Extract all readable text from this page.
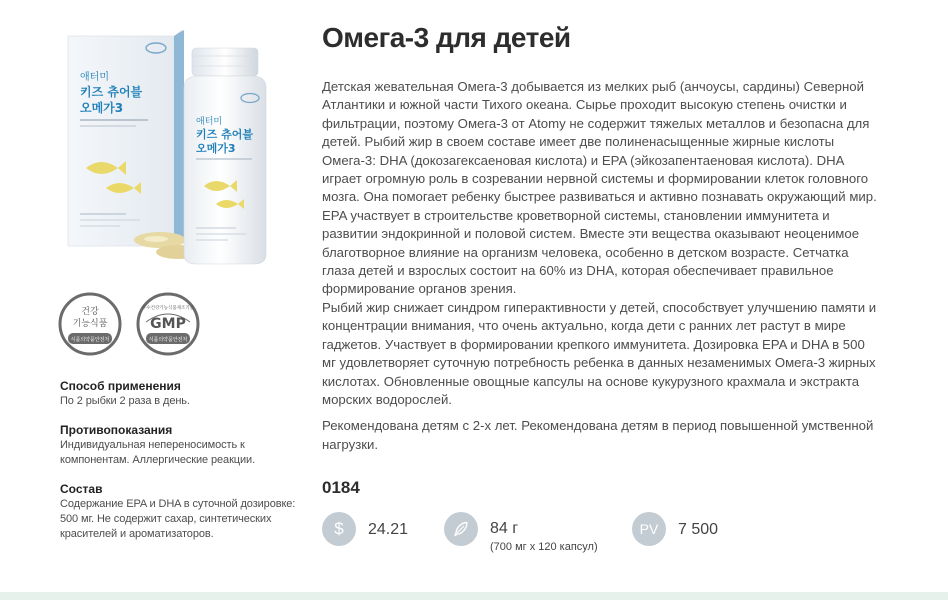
애터미
키즈 츄어블
오메가3
애터미
키즈 츄어블
오메가3
건강
기능식품
식품의약품안전처
우수건강기능식품제조기준
GMP
식품의약품안전처
Способ применения
По 2 рыбки 2 раза в день.
Противопоказания
Индивидуальная непереносимость к компонентам. Аллергические реакции.
Состав
Содержание EPA и DHA в суточной дозировке: 500 мг. Не содержит сахар, синтетических красителей и ароматизаторов.
Омега-3 для детей

Детская жевательная Омега-3 добывается из мелких рыб (анчоусы, сардины) Северной Атлантики и южной части Тихого океана. Сырье проходит высокую степень очистки и фильтрации, поэтому Омега-3 от Atomy не содержит тяжелых металлов и безопасна для детей. Рыбий жир в своем составе имеет две полиненасыщенные жирные кислоты Омега-3: DHA (докозагексаеновая кислота) и EPA (эйкозапентаеновая кислота). DHA играет огромную роль в созревании нервной системы и формировании клеток головного мозга. Она помогает ребенку быстрее развиваться и активно познавать окружающий мир. EPA участвует в строительстве кроветворной системы, становлении иммунитета и развитии эндокринной и половой систем. Вместе эти вещества оказывают неоценимое благотворное влияние на организм человека, особенно в детском возрасте. Сетчатка глаза детей и взрослых состоит на 60% из DHA, которая обеспечивает правильное формирование органов зрения.

Рыбий жир снижает синдром гиперактивности у детей, способствует улучшению памяти и концентрации внимания, что очень актуально, когда дети с ранних лет растут в мире гаджетов. Участвует в формировании крепкого иммунитета. Дозировка EPA и DHA в 500 мг удовлетворяет суточную потребность ребенка в данных незаменимых Омега-3 жирных кислотах. Обновленные овощные капсулы на основе кукурузного крахмала и экстракта морских водорослей.

Рекомендована детям с 2-х лет. Рекомендована детям в период повышенной умственной нагрузки.

0184
$	24.21	84 г
(700 мг x 120 капсул)
PV	7 500
